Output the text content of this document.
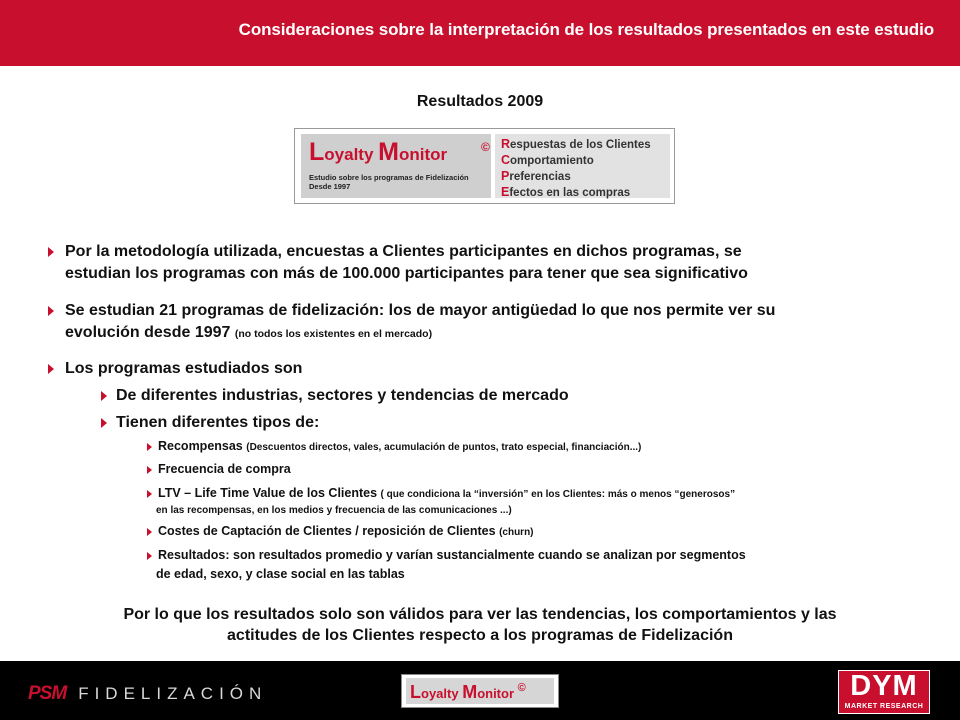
Consideraciones sobre la interpretación de los resultados presentados en este estudio
Resultados 2009
Loyalty Monitor	©
Estudio sobre los programas de Fidelización
Desde 1997
Respuestas de los Clientes
Comportamiento
Preferencias
Efectos en las compras
Por la metodología utilizada, encuestas a Clientes participantes en dichos programas, se
estudian los programas con más de 100.000 participantes para tener que sea significativo
Se estudian 21 programas de fidelización: los de mayor antigüedad lo que nos permite ver su
evolución desde 1997 (no todos los existentes en el mercado)
Los programas estudiados son
De diferentes industrias, sectores y tendencias de mercado
Tienen diferentes tipos de:
Recompensas (Descuentos directos, vales, acumulación de puntos, trato especial, financiación...)
Frecuencia de compra
LTV – Life Time Value de los Clientes ( que condiciona la “inversión” en los Clientes: más o menos “generosos”
en las recompensas, en los medios y frecuencia de las comunicaciones ...)
Costes de Captación de Clientes / reposición de Clientes (churn)
Resultados: son resultados promedio y varían sustancialmente cuando se analizan por segmentos
de edad, sexo, y clase social en las tablas
Por lo que los resultados solo son válidos para ver las tendencias, los comportamientos y las
actitudes de los Clientes respecto a los programas de Fidelización
PSM FIDELIZACIÓN	Loyalty Monitor ©	DYM
MARKET RESEARCH
